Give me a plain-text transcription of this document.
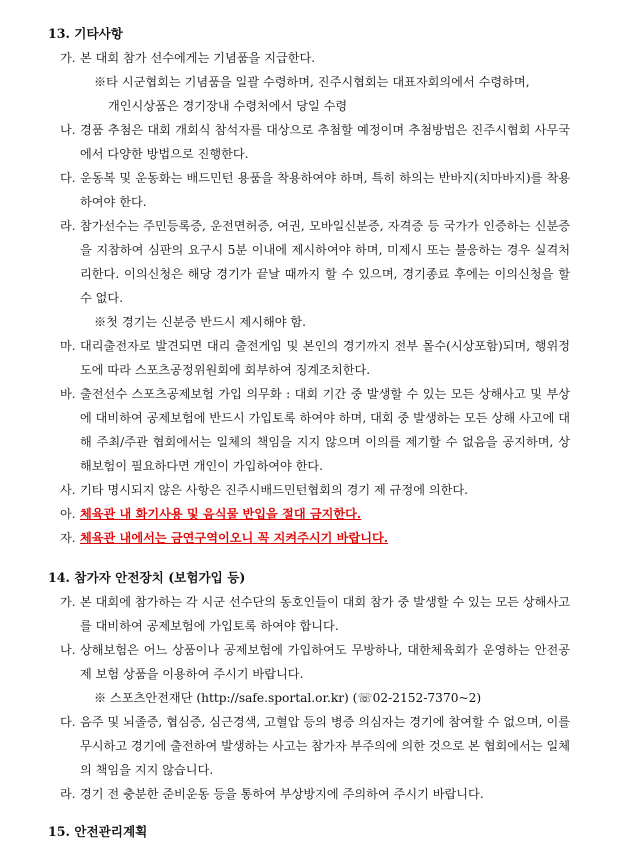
13. 기타사항
가. 본 대회 참가 선수에게는 기념품을 지급한다.
※타 시군협회는 기념품을 일괄 수령하며, 진주시협회는 대표자회의에서 수령하며,
개인시상품은 경기장내 수령처에서 당일 수령
나. 경품 추첨은 대회 개회식 참석자를 대상으로 추첨할 예정이며 추첨방법은 진주시협회 사무국에서 다양한 방법으로 진행한다.
다. 운동복 및 운동화는 배드민턴 용품을 착용하여야 하며, 특히 하의는 반바지(치마바지)를 착용하여야 한다.
라. 참가선수는 주민등록증, 운전면허증, 여권, 모바일신분증, 자격증 등 국가가 인증하는 신분증을 지참하여 심판의 요구시 5분 이내에 제시하여야 하며, 미제시 또는 불응하는 경우 실격처리한다. 이의신청은 해당 경기가 끝날 때까지 할 수 있으며, 경기종료 후에는 이의신청을 할 수 없다.
※첫 경기는 신분증 반드시 제시해야 함.
마. 대리출전자로 발견되면 대리 출전게임 및 본인의 경기까지 전부 몰수(시상포함)되며, 행위정도에 따라 스포츠공정위원회에 회부하여 징계조치한다.
바. 출전선수 스포츠공제보험 가입 의무화 : 대회 기간 중 발생할 수 있는 모든 상해사고 및 부상에 대비하여 공제보험에 반드시 가입토록 하여야 하며, 대회 중 발생하는 모든 상해 사고에 대해 주최/주관 협회에서는 일체의 책임을 지지 않으며 이의를 제기할 수 없음을 공지하며, 상해보험이 필요하다면 개인이 가입하여야 한다.
사. 기타 명시되지 않은 사항은 진주시배드민턴협회의 경기 제 규정에 의한다.
아. 체육관 내 화기사용 및 음식물 반입을 절대 금지한다.
자. 체육관 내에서는 금연구역이오니 꼭 지켜주시기 바랍니다.
14. 참가자 안전장치 (보험가입 등)
가. 본 대회에 참가하는 각 시군 선수단의 동호인들이 대회 참가 중 발생할 수 있는 모든 상해사고를 대비하여 공제보험에 가입토록 하여야 합니다.
나. 상해보험은 어느 상품이나 공제보험에 가입하여도 무방하나, 대한체육회가 운영하는 안전공제 보험 상품을 이용하여 주시기 바랍니다.
※ 스포츠안전재단 (http://safe.sportal.or.kr) (☏02-2152-7370~2)
다. 음주 및 뇌졸증, 협심증, 심근경색, 고혈압 등의 병증 의심자는 경기에 참여할 수 없으며, 이를 무시하고 경기에 출전하여 발생하는 사고는 참가자 부주의에 의한 것으로 본 협회에서는 일체의 책임을 지지 않습니다.
라. 경기 전 충분한 준비운동 등을 통하여 부상방지에 주의하여 주시기 바랍니다.
15. 안전관리계획
